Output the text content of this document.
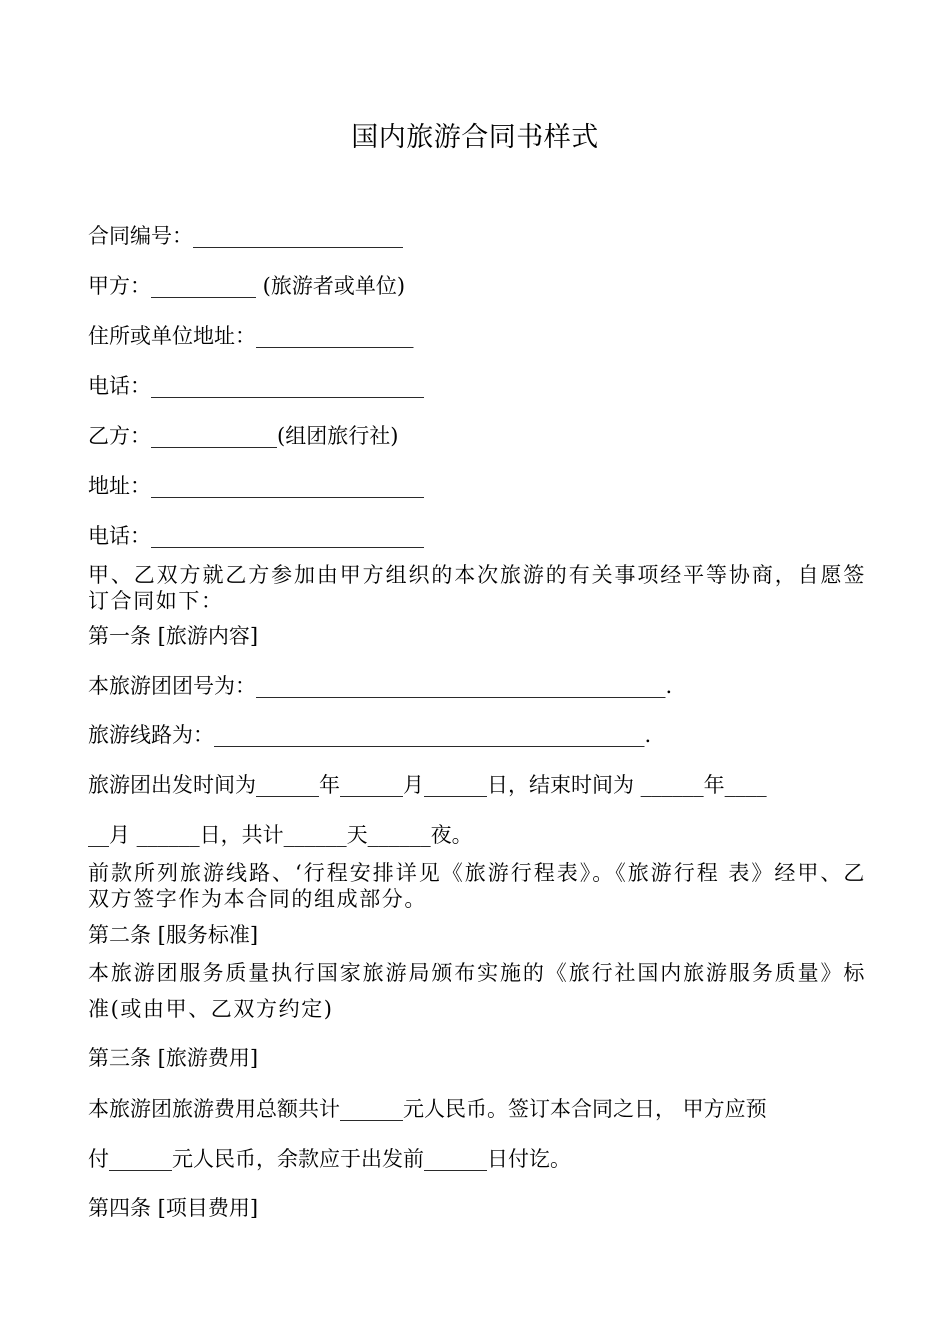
国内旅游合同书样式
合同编号：____________________
甲方：__________ (旅游者或单位)
住所或单位地址：_______________
电话：__________________________
乙方：____________(组团旅行社)
地址：__________________________
电话：__________________________
甲、乙双方就乙方参加由甲方组织的本次旅游的有关事项经平等协商，自愿签订合同如下：
第一条 [旅游内容]
本旅游团团号为：_______________________________________.
旅游线路为：_________________________________________.
旅游团出发时间为______年______月______日，结束时间为 ______年____
__月 ______日，共计______天______夜。
前款所列旅游线路、‘行程安排详见《旅游行程表》。《旅游行程 表》经甲、乙双方签字作为本合同的组成部分。
第二条 [服务标准]
本旅游团服务质量执行国家旅游局颁布实施的《旅行社国内旅游服务质量》标准(或由甲、乙双方约定)
第三条 [旅游费用]
本旅游团旅游费用总额共计______元人民币。签订本合同之日， 甲方应预
付______元人民币，余款应于出发前______日付讫。
第四条 [项目费用]
